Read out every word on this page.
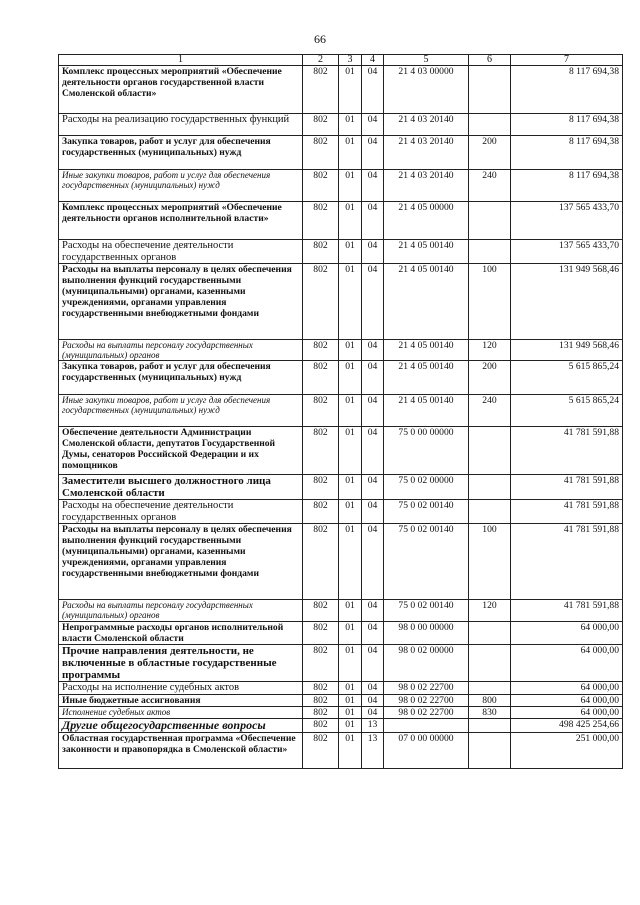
66
1	2	3	4	5	6	7
Комплекс процессных мероприятий «Обеспечение деятельности органов государственной власти Смоленской области»	802	01	04	21 4 03 00000		8 117 694,38
Расходы на реализацию государственных функций	802	01	04	21 4 03 20140		8 117 694,38
Закупка товаров, работ и услуг для обеспечения государственных (муниципальных) нужд	802	01	04	21 4 03 20140	200	8 117 694,38
Иные закупки товаров, работ и услуг для обеспечения государственных (муниципальных) нужд	802	01	04	21 4 03 20140	240	8 117 694,38
Комплекс процессных мероприятий «Обеспечение деятельности органов исполнительной власти»	802	01	04	21 4 05 00000		137 565 433,70
Расходы на обеспечение деятельности государственных органов	802	01	04	21 4 05 00140		137 565 433,70
Расходы на выплаты персоналу в целях обеспечения выполнения функций государственными (муниципальными) органами, казенными учреждениями, органами управления государственными внебюджетными фондами	802	01	04	21 4 05 00140	100	131 949 568,46
Расходы на выплаты персоналу государственных (муниципальных) органов	802	01	04	21 4 05 00140	120	131 949 568,46
Закупка товаров, работ и услуг для обеспечения государственных (муниципальных) нужд	802	01	04	21 4 05 00140	200	5 615 865,24
Иные закупки товаров, работ и услуг для обеспечения государственных (муниципальных) нужд	802	01	04	21 4 05 00140	240	5 615 865,24
Обеспечение деятельности Администрации Смоленской области, депутатов Государственной Думы, сенаторов Российской Федерации и их помощников	802	01	04	75 0 00 00000		41 781 591,88
Заместители высшего должностного лица Смоленской области	802	01	04	75 0 02 00000		41 781 591,88
Расходы на обеспечение деятельности государственных органов	802	01	04	75 0 02 00140		41 781 591,88
Расходы на выплаты персоналу в целях обеспечения выполнения функций государственными (муниципальными) органами, казенными учреждениями, органами управления государственными внебюджетными фондами	802	01	04	75 0 02 00140	100	41 781 591,88
Расходы на выплаты персоналу государственных (муниципальных) органов	802	01	04	75 0 02 00140	120	41 781 591,88
Непрограммные расходы органов исполнительной власти Смоленской области	802	01	04	98 0 00 00000		64 000,00
Прочие направления деятельности, не включенные в областные государственные программы	802	01	04	98 0 02 00000		64 000,00
Расходы на исполнение судебных актов	802	01	04	98 0 02 22700		64 000,00
Иные бюджетные ассигнования	802	01	04	98 0 02 22700	800	64 000,00
Исполнение судебных актов	802	01	04	98 0 02 22700	830	64 000,00
Другие общегосударственные вопросы	802	01	13			498 425 254,66
Областная государственная программа «Обеспечение законности и правопорядка в Смоленской области»	802	01	13	07 0 00 00000		251 000,00
